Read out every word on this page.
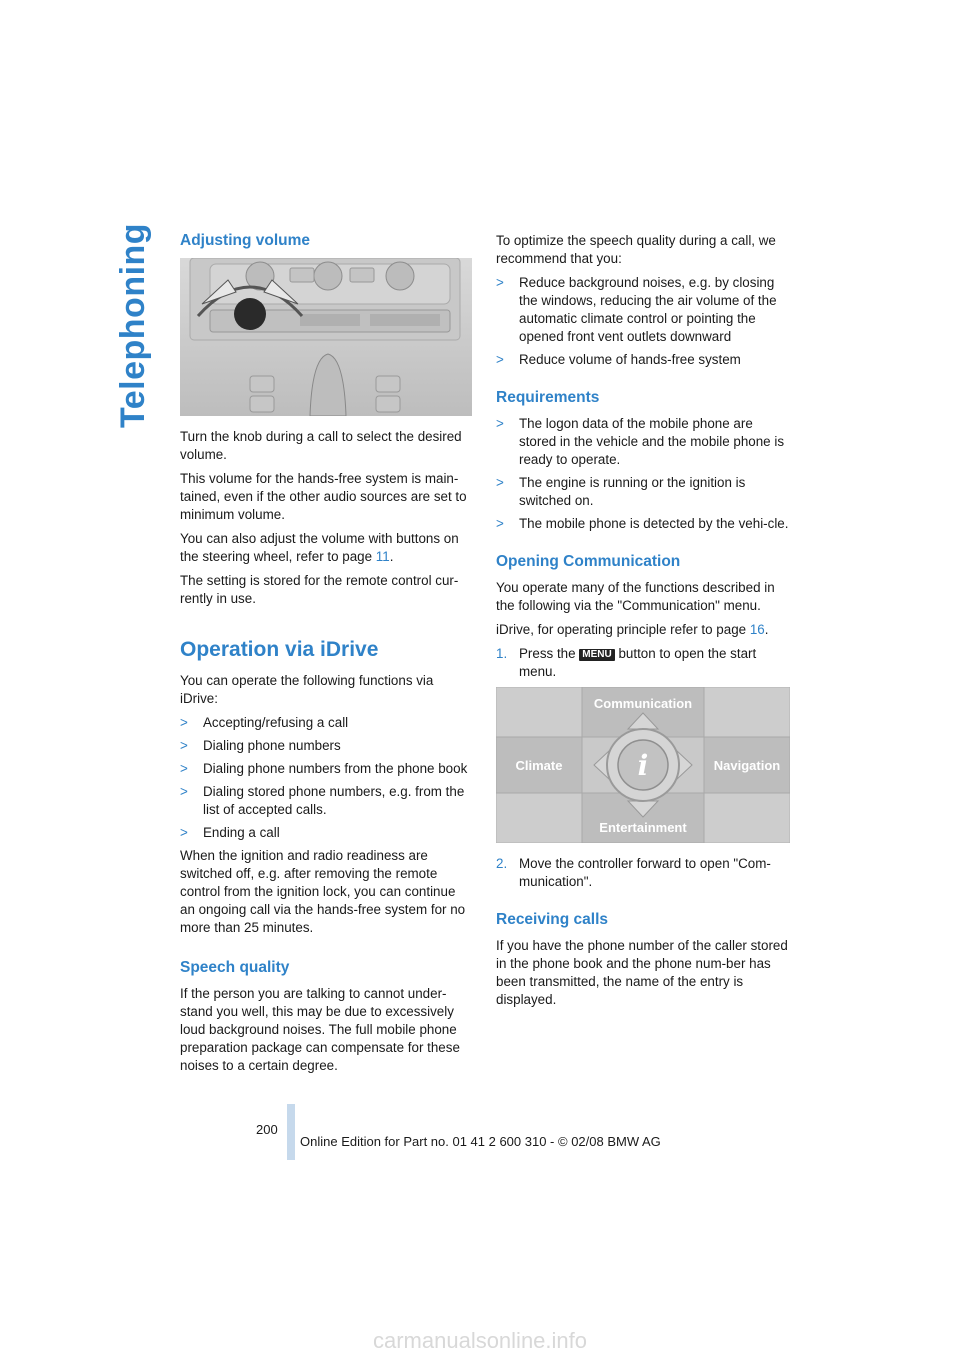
Telephoning Adjusting volume

Turn the knob during a call to select the desired volume.

This volume for the hands-free system is main-tained, even if the other audio sources are set to minimum volume.

You can also adjust the volume with buttons on the steering wheel, refer to page 11.

The setting is stored for the remote control cur-rently in use.

Operation via iDrive

You can operate the following functions via iDrive:

> Accepting/refusing a call
> Dialing phone numbers
> Dialing phone numbers from the phone book
> Dialing stored phone numbers, e.g. from the list of accepted calls.
> Ending a call

When the ignition and radio readiness are switched off, e.g. after removing the remote control from the ignition lock, you can continue an ongoing call via the hands-free system for no more than 25 minutes.

Speech quality

If the person you are talking to cannot under-stand you well, this may be due to excessively loud background noises. The full mobile phone preparation package can compensate for these noises to a certain degree.

To optimize the speech quality during a call, we recommend that you:

> Reduce background noises, e.g. by closing the windows, reducing the air volume of the automatic climate control or pointing the opened front vent outlets downward
> Reduce volume of hands-free system
Requirements
> The logon data of the mobile phone are stored in the vehicle and the mobile phone is ready to operate.
> The engine is running or the ignition is switched on.
> The mobile phone is detected by the vehi-cle.
Opening Communication

You operate many of the functions described in the following via the "Communication" menu.

iDrive, for operating principle refer to page 16.

1. Press the MENU button to open the start menu.
i
Communication
Climate	Navigation
Entertainment
2. Move the controller forward to open "Com-munication".
Receiving calls

If you have the phone number of the caller stored in the phone book and the phone num-ber has been transmitted, the name of the entry is displayed.

200
Online Edition for Part no. 01 41 2 600 310 - © 02/08 BMW AG
carmanualsonline.info
